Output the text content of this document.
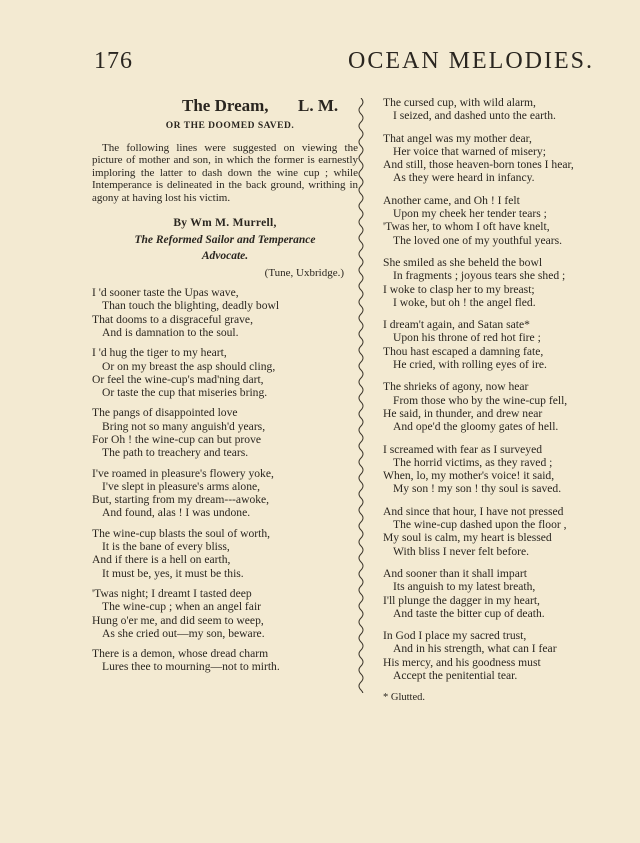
176	OCEAN MELODIES.
The Dream, L. M.
OR THE DOOMED SAVED.
The following lines were suggested on viewing the picture of mother and son, in which the former is earnestly imploring the latter to dash down the wine cup ; while Intemperance is delineated in the back ground, writhing in agony at having lost his victim.
By Wm M. Murrell,
The Reformed Sailor and Temperance
Advocate.
(Tune, Uxbridge.)
I 'd sooner taste the Upas wave,
Than touch the blighting, deadly bowl
That dooms to a disgraceful grave,
And is damnation to the soul.
I 'd hug the tiger to my heart,
Or on my breast the asp should cling,
Or feel the wine-cup's mad'ning dart,
Or taste the cup that miseries bring.
The pangs of disappointed love
Bring not so many anguish'd years,
For Oh ! the wine-cup can but prove
The path to treachery and tears.
I've roamed in pleasure's flowery yoke,
I've slept in pleasure's arms alone,
But, starting from my dream---awoke,
And found, alas ! I was undone.
The wine-cup blasts the soul of worth,
It is the bane of every bliss,
And if there is a hell on earth,
It must be, yes, it must be this.
'Twas night; I dreamt I tasted deep
The wine-cup ; when an angel fair
Hung o'er me, and did seem to weep,
As she cried out—my son, beware.
There is a demon, whose dread charm
Lures thee to mourning—not to mirth.
The cursed cup, with wild alarm,
I seized, and dashed unto the earth.
That angel was my mother dear,
Her voice that warned of misery;
And still, those heaven-born tones I hear,
As they were heard in infancy.
Another came, and Oh ! I felt
Upon my cheek her tender tears ;
'Twas her, to whom I oft have knelt,
The loved one of my youthful years.
She smiled as she beheld the bowl
In fragments ; joyous tears she shed ;
I woke to clasp her to my breast;
I woke, but oh ! the angel fled.
I dream't again, and Satan sate*
Upon his throne of red hot fire ;
Thou hast escaped a damning fate,
He cried, with rolling eyes of ire.
The shrieks of agony, now hear
From those who by the wine-cup fell,
He said, in thunder, and drew near
And ope'd the gloomy gates of hell.
I screamed with fear as I surveyed
The horrid victims, as they raved ;
When, lo, my mother's voice! it said,
My son ! my son ! thy soul is saved.
And since that hour, I have not pressed
The wine-cup dashed upon the floor ,
My soul is calm, my heart is blessed
With bliss I never felt before.
And sooner than it shall impart
Its anguish to my latest breath,
I'll plunge the dagger in my heart,
And taste the bitter cup of death.
In God I place my sacred trust,
And in his strength, what can I fear
His mercy, and his goodness must
Accept the penitential tear.
* Glutted.
